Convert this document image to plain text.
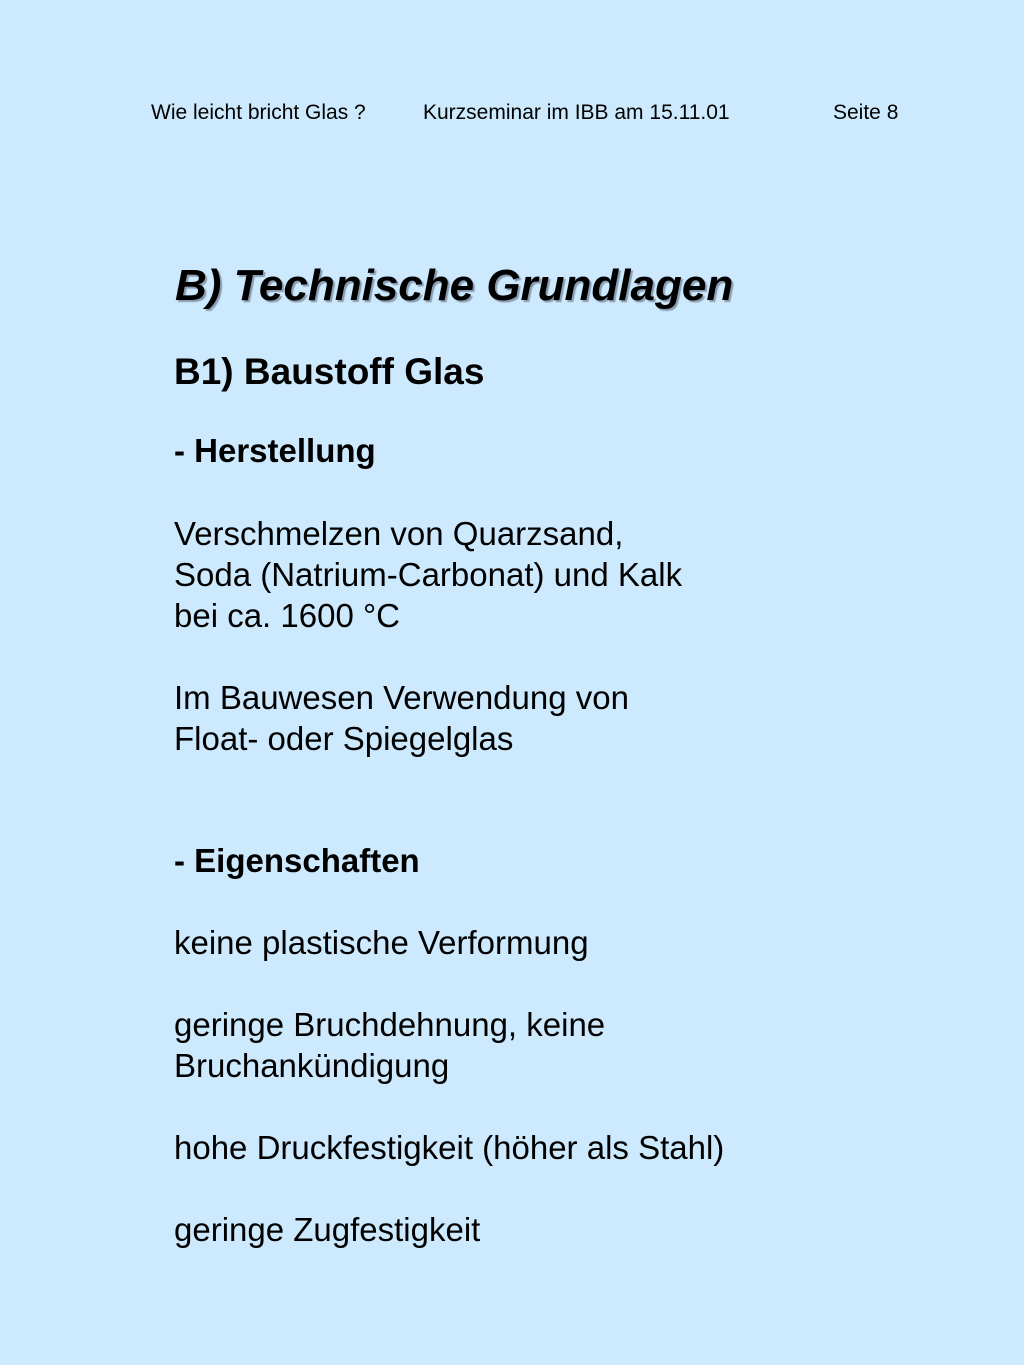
Wie leicht bricht Glas ?	Kurzseminar im IBB am 15.11.01	Seite 8
B) Technische Grundlagen
B1) Baustoff Glas
- Herstellung
Verschmelzen von Quarzsand,
Soda (Natrium-Carbonat) und Kalk
bei ca. 1600 °C
Im Bauwesen Verwendung von
Float- oder Spiegelglas
- Eigenschaften
keine plastische Verformung
geringe Bruchdehnung, keine
Bruchankündigung
hohe Druckfestigkeit (höher als Stahl)
geringe Zugfestigkeit
